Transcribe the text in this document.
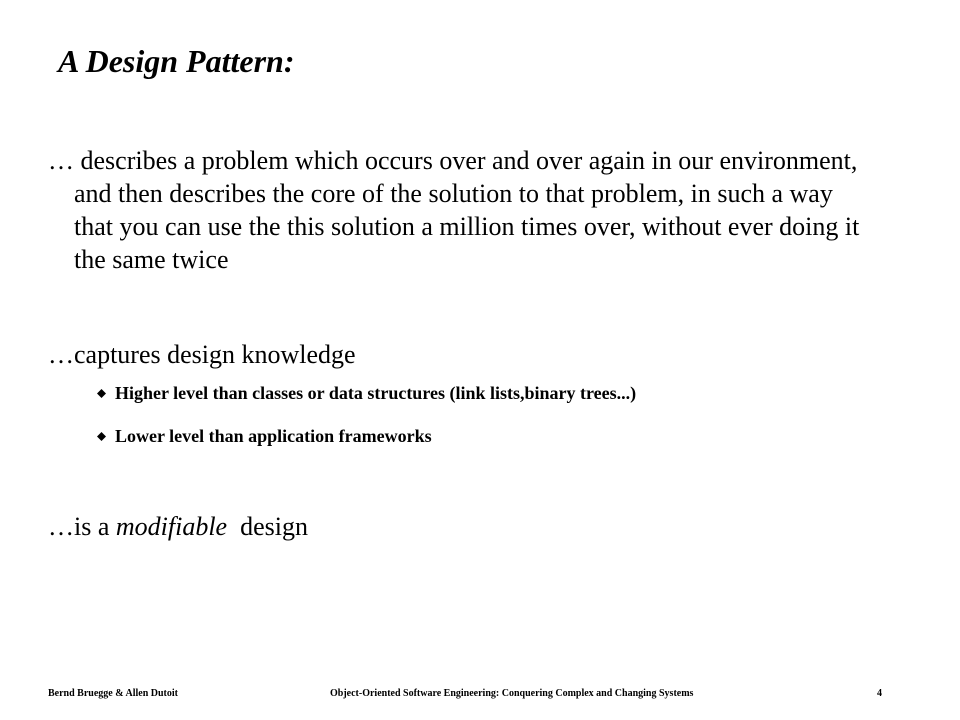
A Design Pattern:

… describes a problem which occurs over and over again in our environment, and then describes the core of the solution to that problem, in such a way that you can use the this solution a million times over, without ever doing it the same twice

…captures design knowledge

Higher level than classes or data structures (link lists,binary trees...)
Lower level than application frameworks

…is a modifiable  design

Bernd Bruegge & Allen Dutoit	Object-Oriented Software Engineering: Conquering Complex and Changing Systems	4
